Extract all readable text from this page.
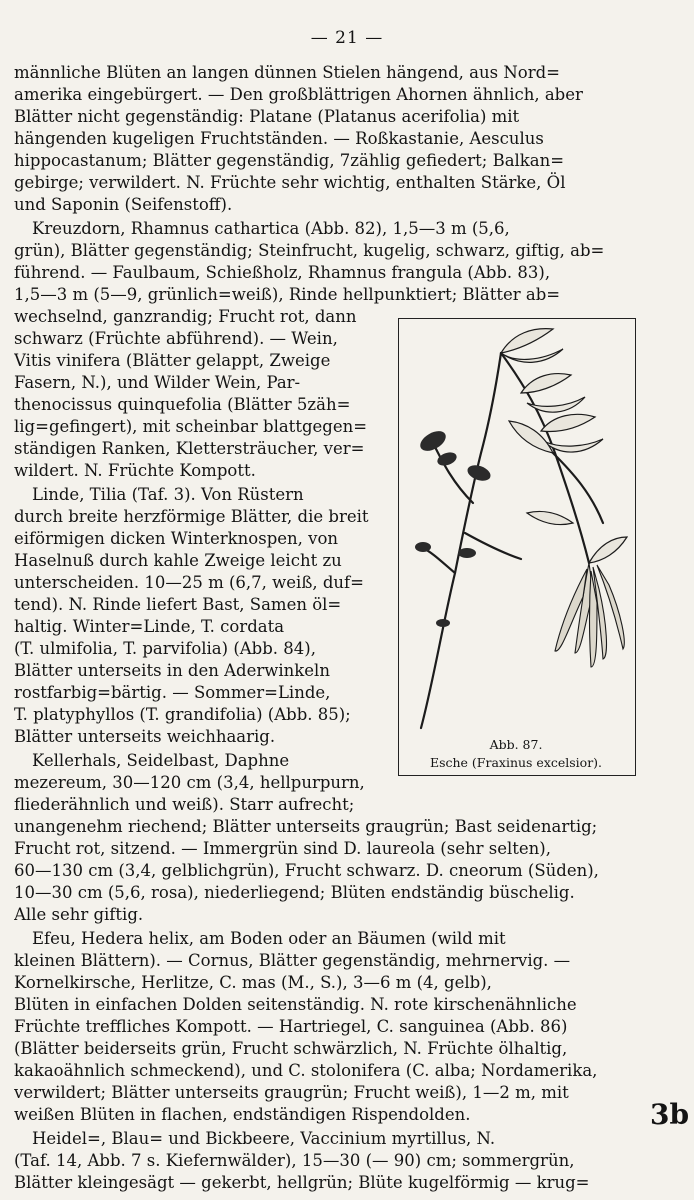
— 21 —
männliche Blüten an langen dünnen Stielen hängend, aus Nord=
amerika eingebürgert. — Den großblättrigen Ahornen ähnlich, aber
Blätter nicht gegenständig: Platane (Platanus acerifolia) mit
hängenden kugeligen Fruchtständen. — Roßkastanie, Aesculus
hippocastanum; Blätter gegenständig, 7zählig gefiedert; Balkan=
gebirge; verwildert. N. Früchte sehr wichtig, enthalten Stärke, Öl
und Saponin (Seifenstoff).
Kreuzdorn, Rhamnus cathartica (Abb. 82), 1,5—3 m (5,6,
grün), Blätter gegenständig; Steinfrucht, kugelig, schwarz, giftig, ab=
führend. — Faulbaum, Schießholz, Rhamnus frangula (Abb. 83),
1,5—3 m (5—9, grünlich=weiß), Rinde hellpunktiert; Blätter ab=
wechselnd, ganzrandig; Frucht rot, dann
schwarz (Früchte abführend). — Wein,
Vitis vinifera (Blätter gelappt, Zweige
Fasern, N.), und Wilder Wein, Par-
thenocissus quinquefolia (Blätter 5zäh=
lig=gefingert), mit scheinbar blattgegen=
ständigen Ranken, Klettersträucher, ver=
wildert. N. Früchte Kompott.
Linde, Tilia (Taf. 3). Von Rüstern
durch breite herzförmige Blätter, die breit
eiförmigen dicken Winterknospen, von
Haselnuß durch kahle Zweige leicht zu
unterscheiden. 10—25 m (6,7, weiß, duf=
tend). N. Rinde liefert Bast, Samen öl=
haltig. Winter=Linde, T. cordata
(T. ulmifolia, T. parvifolia) (Abb. 84),
Blätter unterseits in den Aderwinkeln
rostfarbig=bärtig. — Sommer=Linde,
T. platyphyllos (T. grandifolia) (Abb. 85);
Blätter unterseits weichhaarig.
Kellerhals, Seidelbast, Daphne
mezereum, 30—120 cm (3,4, hellpurpurn,
fliederähnlich und weiß). Starr aufrecht;
unangenehm riechend; Blätter unterseits graugrün; Bast seidenartig;
Frucht rot, sitzend. — Immergrün sind D. laureola (sehr selten),
60—130 cm (3,4, gelblichgrün), Frucht schwarz. D. cneorum (Süden),
10—30 cm (5,6, rosa), niederliegend; Blüten endständig büschelig.
Alle sehr giftig.
Efeu, Hedera helix, am Boden oder an Bäumen (wild mit
kleinen Blättern). — Cornus, Blätter gegenständig, mehrnervig. —
Kornelkirsche, Herlitze, C. mas (M., S.), 3—6 m (4, gelb),
Blüten in einfachen Dolden seitenständig. N. rote kirschenähnliche
Früchte treffliches Kompott. — Hartriegel, C. sanguinea (Abb. 86)
(Blätter beiderseits grün, Frucht schwärzlich, N. Früchte ölhaltig,
kakaoähnlich schmeckend), und C. stolonifera (C. alba; Nordamerika,
verwildert; Blätter unterseits graugrün; Frucht weiß), 1—2 m, mit
weißen Blüten in flachen, endständigen Rispendolden.
Heidel=, Blau= und Bickbeere, Vaccinium myrtillus, N.
(Taf. 14, Abb. 7 s. Kiefernwälder), 15—30 (— 90) cm; sommergrün,
Blätter kleingesägt — gekerbt, hellgrün; Blüte kugelförmig — krug=
Abb. 87.
Esche (Fraxinus excelsior).
3b
